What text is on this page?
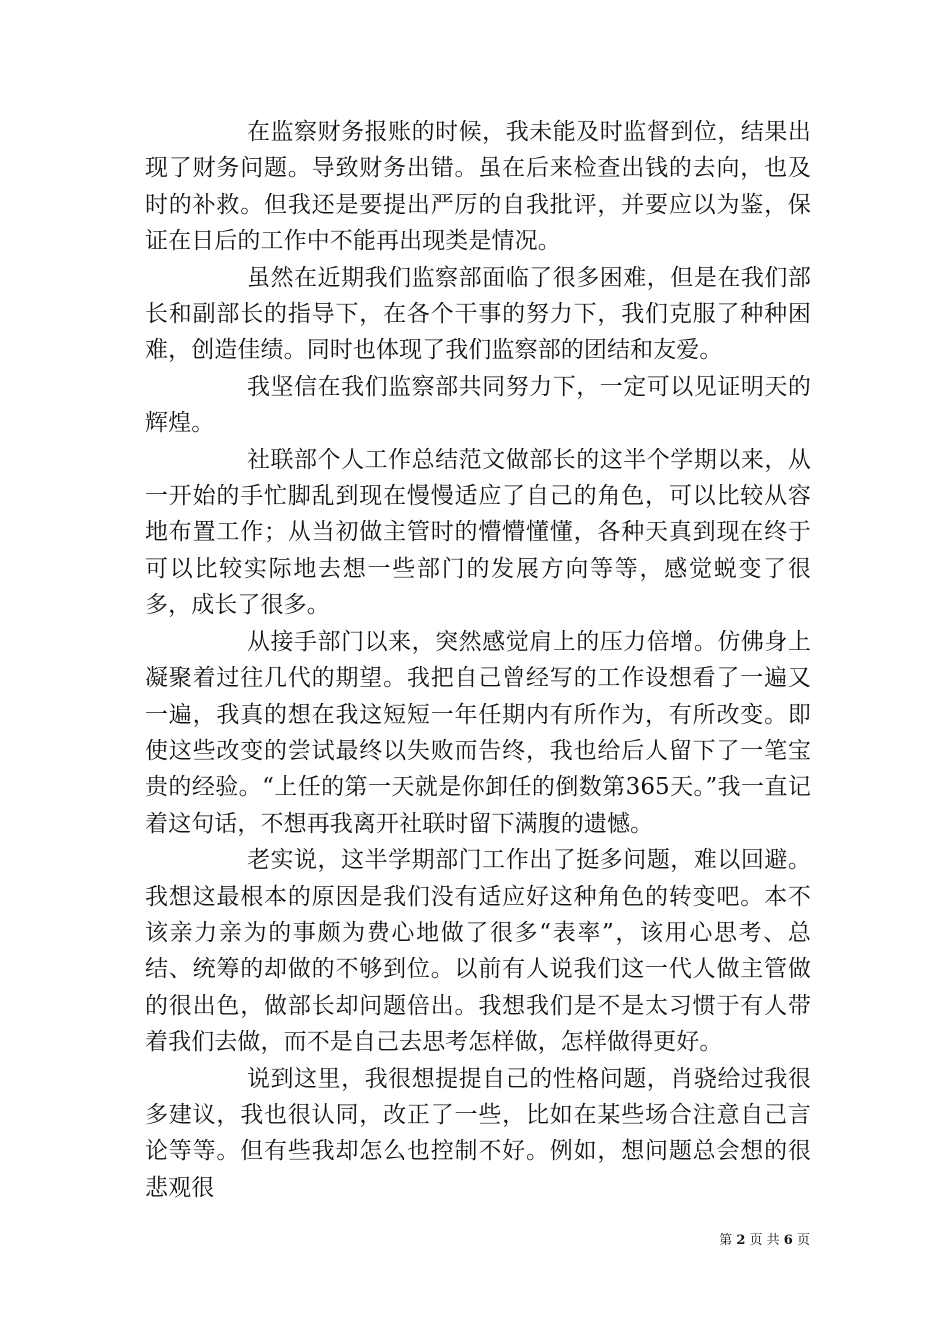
在监察财务报账的时候，我未能及时监督到位，结果出现了财务问题。导致财务出错。虽在后来检查出钱的去向，也及时的补救。但我还是要提出严厉的自我批评，并要应以为鉴，保证在日后的工作中不能再出现类是情况。

虽然在近期我们监察部面临了很多困难，但是在我们部长和副部长的指导下，在各个干事的努力下，我们克服了种种困难，创造佳绩。同时也体现了我们监察部的团结和友爱。

我坚信在我们监察部共同努力下，一定可以见证明天的辉煌。

社联部个人工作总结范文做部长的这半个学期以来，从一开始的手忙脚乱到现在慢慢适应了自己的角色，可以比较从容地布置工作；从当初做主管时的懵懵懂懂，各种天真到现在终于可以比较实际地去想一些部门的发展方向等等，感觉蜕变了很多，成长了很多。

从接手部门以来，突然感觉肩上的压力倍增。仿佛身上凝聚着过往几代的期望。我把自己曾经写的工作设想看了一遍又一遍，我真的想在我这短短一年任期内有所作为，有所改变。即使这些改变的尝试最终以失败而告终，我也给后人留下了一笔宝贵的经验。“上任的第一天就是你卸任的倒数第365天。”我一直记着这句话，不想再我离开社联时留下满腹的遗憾。

老实说，这半学期部门工作出了挺多问题，难以回避。我想这最根本的原因是我们没有适应好这种角色的转变吧。本不该亲力亲为的事颇为费心地做了很多“表率”，该用心思考、总结、统筹的却做的不够到位。以前有人说我们这一代人做主管做的很出色，做部长却问题倍出。我想我们是不是太习惯于有人带着我们去做，而不是自己去思考怎样做，怎样做得更好。

说到这里，我很想提提自己的性格问题，肖骁给过我很多建议，我也很认同，改正了一些，比如在某些场合注意自己言论等等。但有些我却怎么也控制不好。例如，想问题总会想的很悲观很

第 2 页 共 6 页
